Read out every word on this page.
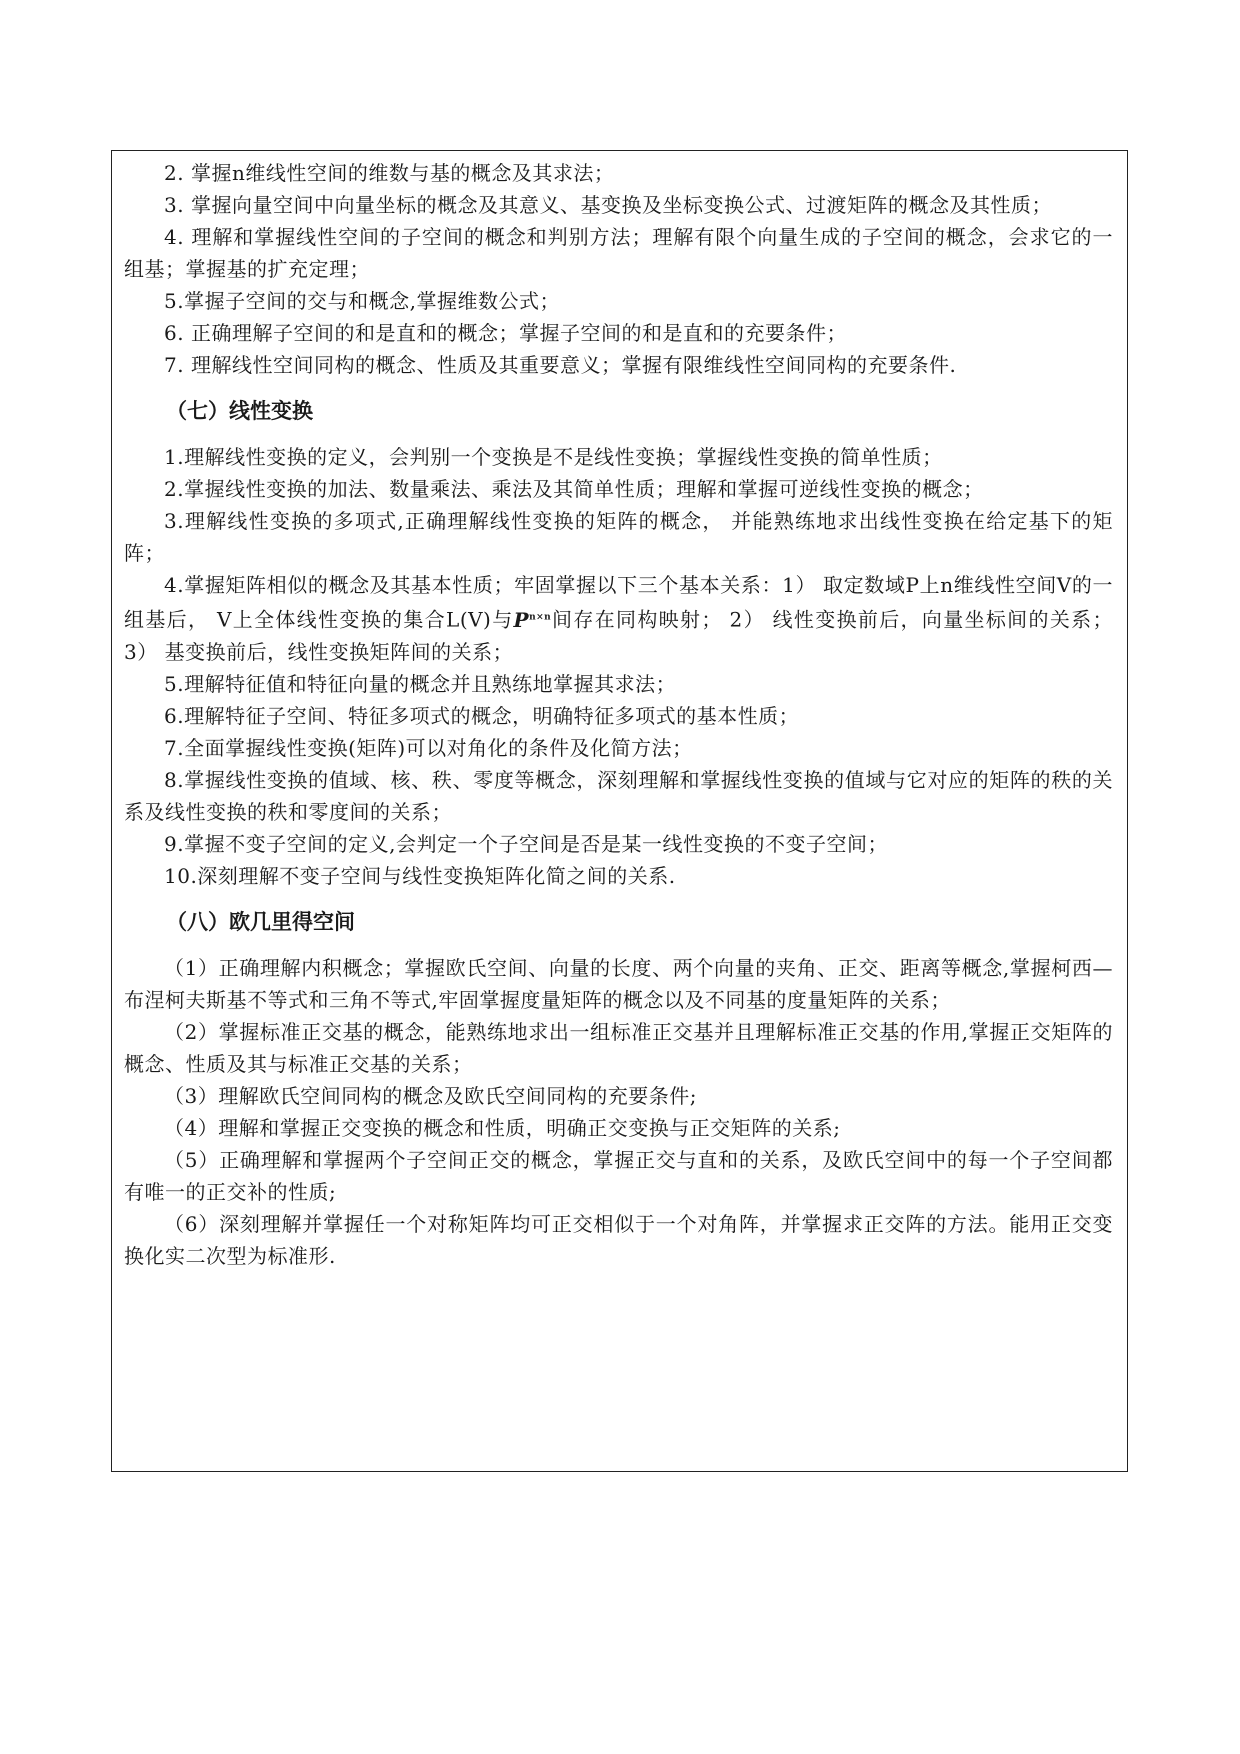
2. 掌握n维线性空间的维数与基的概念及其求法；

3. 掌握向量空间中向量坐标的概念及其意义、基变换及坐标变换公式、过渡矩阵的概念及其性质；

4. 理解和掌握线性空间的子空间的概念和判别方法；理解有限个向量生成的子空间的概念，会求它的一组基；掌握基的扩充定理；

5.掌握子空间的交与和概念,掌握维数公式；

6. 正确理解子空间的和是直和的概念；掌握子空间的和是直和的充要条件；

7. 理解线性空间同构的概念、性质及其重要意义；掌握有限维线性空间同构的充要条件.

（七）线性变换

1.理解线性变换的定义，会判别一个变换是不是线性变换；掌握线性变换的简单性质；

2.掌握线性变换的加法、数量乘法、乘法及其简单性质；理解和掌握可逆线性变换的概念；

3.理解线性变换的多项式,正确理解线性变换的矩阵的概念， 并能熟练地求出线性变换在给定基下的矩阵；

4.掌握矩阵相似的概念及其基本性质；牢固掌握以下三个基本关系：1） 取定数域P上n维线性空间V的一组基后， V上全体线性变换的集合L(V)与$P^{n\times n}$间存在同构映射； 2） 线性变换前后，向量坐标间的关系； 3） 基变换前后，线性变换矩阵间的关系；

5.理解特征值和特征向量的概念并且熟练地掌握其求法；

6.理解特征子空间、特征多项式的概念，明确特征多项式的基本性质；

7.全面掌握线性变换(矩阵)可以对角化的条件及化简方法；

8.掌握线性变换的值域、核、秩、零度等概念，深刻理解和掌握线性变换的值域与它对应的矩阵的秩的关系及线性变换的秩和零度间的关系；

9.掌握不变子空间的定义,会判定一个子空间是否是某一线性变换的不变子空间；

10.深刻理解不变子空间与线性变换矩阵化简之间的关系.

（八）欧几里得空间

（1）正确理解内积概念；掌握欧氏空间、向量的长度、两个向量的夹角、正交、距离等概念,掌握柯西—布涅柯夫斯基不等式和三角不等式,牢固掌握度量矩阵的概念以及不同基的度量矩阵的关系；

（2）掌握标准正交基的概念，能熟练地求出一组标准正交基并且理解标准正交基的作用,掌握正交矩阵的概念、性质及其与标准正交基的关系；

（3）理解欧氏空间同构的概念及欧氏空间同构的充要条件;

（4）理解和掌握正交变换的概念和性质，明确正交变换与正交矩阵的关系;

（5）正确理解和掌握两个子空间正交的概念，掌握正交与直和的关系，及欧氏空间中的每一个子空间都有唯一的正交补的性质;

（6）深刻理解并掌握任一个对称矩阵均可正交相似于一个对角阵，并掌握求正交阵的方法。能用正交变换化实二次型为标准形.
